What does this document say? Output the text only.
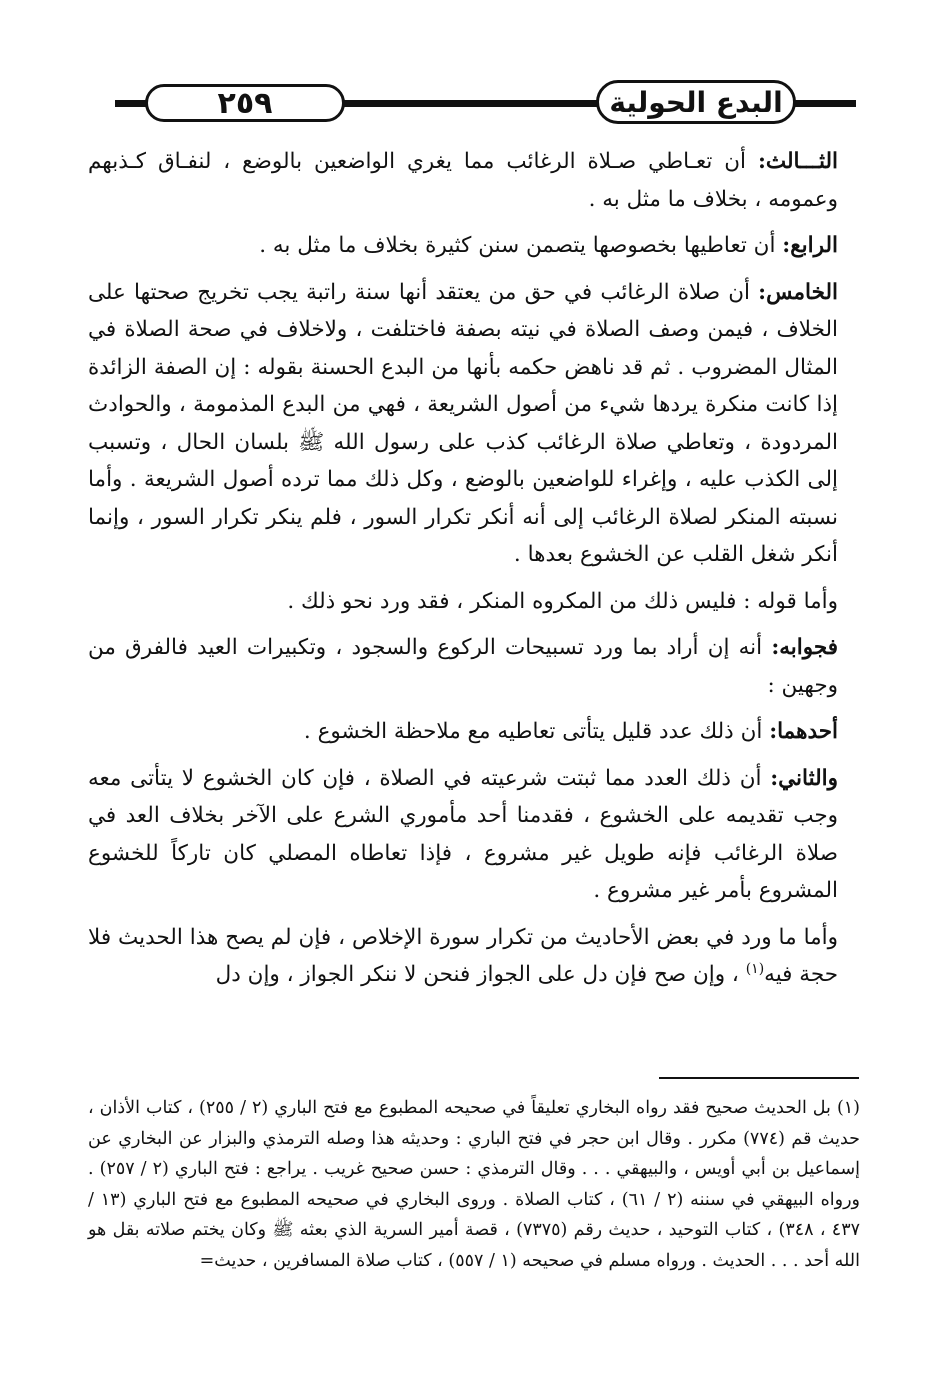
٢٥٩	البدع الحولية

الثـــالث: أن تعـاطي صـلاة الرغائب مما يغري الواضعين بالوضع ، لنفـاق كـذبهم وعمومه ، بخلاف ما مثل به .

الرابع: أن تعاطيها بخصوصها يتصمن سنن كثيرة بخلاف ما مثل به .

الخامس: أن صلاة الرغائب في حق من يعتقد أنها سنة راتبة يجب تخريج صحتها على الخلاف ، فيمن وصف الصلاة في نيته بصفة فاختلفت ، ولاخلاف في صحة الصلاة في المثال المضروب . ثم قد ناهض حكمه بأنها من البدع الحسنة بقوله : إن الصفة الزائدة إذا كانت منكرة يردها شيء من أصول الشريعة ، فهي من البدع المذمومة ، والحوادث المردودة ، وتعاطي صلاة الرغائب كذب على رسول الله ﷺ بلسان الحال ، وتسبب إلى الكذب عليه ، وإغراء للواضعين بالوضع ، وكل ذلك مما ترده أصول الشريعة . وأما نسبته المنكر لصلاة الرغائب إلى أنه أنكر تكرار السور ، فلم ينكر تكرار السور ، وإنما أنكر شغل القلب عن الخشوع بعدها .

وأما قوله : فليس ذلك من المكروه المنكر ، فقد ورد نحو ذلك .

فجوابه: أنه إن أراد بما ورد تسبيحات الركوع والسجود ، وتكبيرات العيد فالفرق من وجهين :

أحدهما: أن ذلك عدد قليل يتأتى تعاطيه مع ملاحظة الخشوع .

والثاني: أن ذلك العدد مما ثبتت شرعيته في الصلاة ، فإن كان الخشوع لا يتأتى معه وجب تقديمه على الخشوع ، فقدمنا أحد مأموري الشرع على الآخر بخلاف العد في صلاة الرغائب فإنه طويل غير مشروع ، فإذا تعاطاه المصلي كان تاركاً للخشوع المشروع بأمر غير مشروع .

وأما ما ورد في بعض الأحاديث من تكرار سورة الإخلاص ، فإن لم يصح هذا الحديث فلا حجة فيه$^{(١)}$ ، وإن صح فإن دل على الجواز فنحن لا ننكر الجواز ، وإن دل

(١)بل الحديث صحيح فقد رواه البخاري تعليقاً في صحيحه المطبوع مع فتح الباري (٢ / ٢٥٥) ، كتاب الأذان ، حديث قم (٧٧٤) مكرر . وقال ابن حجر في فتح الباري : وحديثه هذا وصله الترمذي والبزار عن البخاري عن إسماعيل بن أبي أويس ، والبيهقي . . . وقال الترمذي : حسن صحيح غريب . يراجع : فتح الباري (٢ / ٢٥٧) . ورواه البيهقي في سننه (٢ / ٦١) ، كتاب الصلاة . وروى البخاري في صحيحه المطبوع مع فتح الباري (١٣ / ٤٣٧ ، ٣٤٨) ، كتاب التوحيد ، حديث رقم (٧٣٧٥) ، قصة أمير السرية الذي بعثه ﷺ وكان يختم صلاته بقل هو الله أحد . . . الحديث . ورواه مسلم في صحيحه (١ / ٥٥٧) ، كتاب صلاة المسافرين ، حديث=
